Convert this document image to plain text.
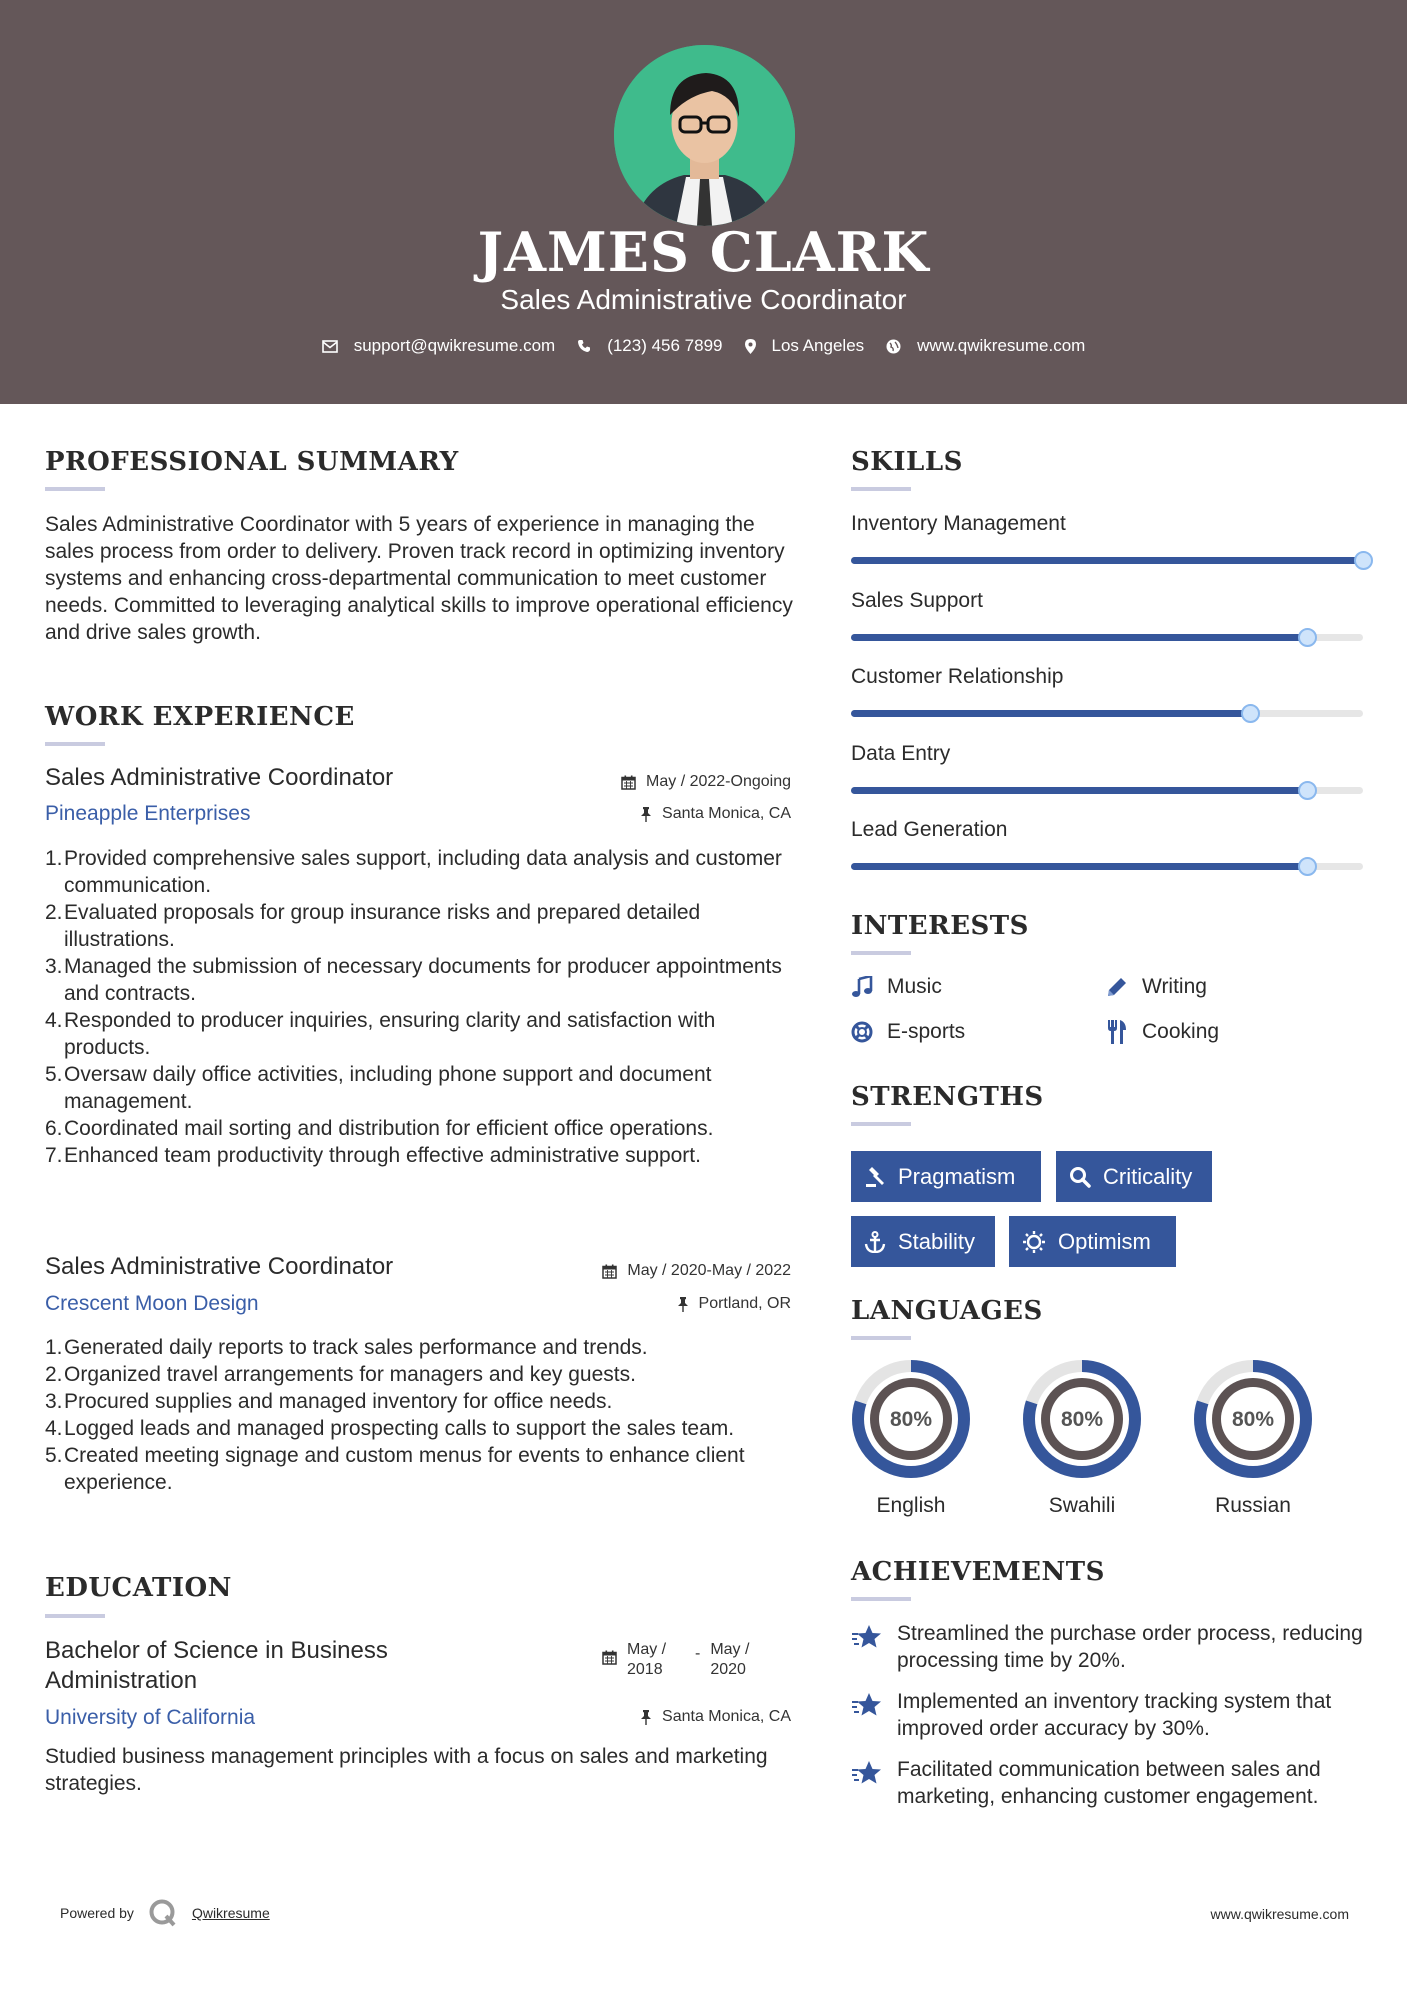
JAMES CLARK
Sales Administrative Coordinator
support@qwikresume.com	(123) 456 7899	Los Angeles	www.qwikresume.com
PROFESSIONAL SUMMARY
Sales Administrative Coordinator with 5 years of experience in managing the sales process from order to delivery. Proven track record in optimizing inventory systems and enhancing cross-departmental communication to meet customer needs. Committed to leveraging analytical skills to improve operational efficiency and drive sales growth.
WORK EXPERIENCE
Sales Administrative Coordinator	May / 2022-Ongoing
Pineapple Enterprises	Santa Monica, CA
1. Provided comprehensive sales support, including data analysis and customer communication.
2. Evaluated proposals for group insurance risks and prepared detailed illustrations.
3. Managed the submission of necessary documents for producer appointments and contracts.
4. Responded to producer inquiries, ensuring clarity and satisfaction with products.
5. Oversaw daily office activities, including phone support and document management.
6. Coordinated mail sorting and distribution for efficient office operations.
7. Enhanced team productivity through effective administrative support.
Sales Administrative Coordinator	May / 2020-May / 2022
Crescent Moon Design	Portland, OR
1. Generated daily reports to track sales performance and trends.
2. Organized travel arrangements for managers and key guests.
3. Procured supplies and managed inventory for office needs.
4. Logged leads and managed prospecting calls to support the sales team.
5. Created meeting signage and custom menus for events to enhance client experience.
EDUCATION
Bachelor of Science in Business Administration
May / 2018
- May / 2020
University of California	Santa Monica, CA
Studied business management principles with a focus on sales and marketing strategies.
SKILLS
Inventory Management
Sales Support
Customer Relationship
Data Entry
Lead Generation
INTERESTS
Music	Writing
E-sports	Cooking
STRENGTHS
Pragmatism	Criticality
Stability	Optimism
LANGUAGES
80%
English
80%
Swahili
80%
Russian
ACHIEVEMENTS
Streamlined the purchase order process, reducing processing time by 20%.
Implemented an inventory tracking system that improved order accuracy by 30%.
Facilitated communication between sales and marketing, enhancing customer engagement.
Powered by	Qwikresume	www.qwikresume.com
